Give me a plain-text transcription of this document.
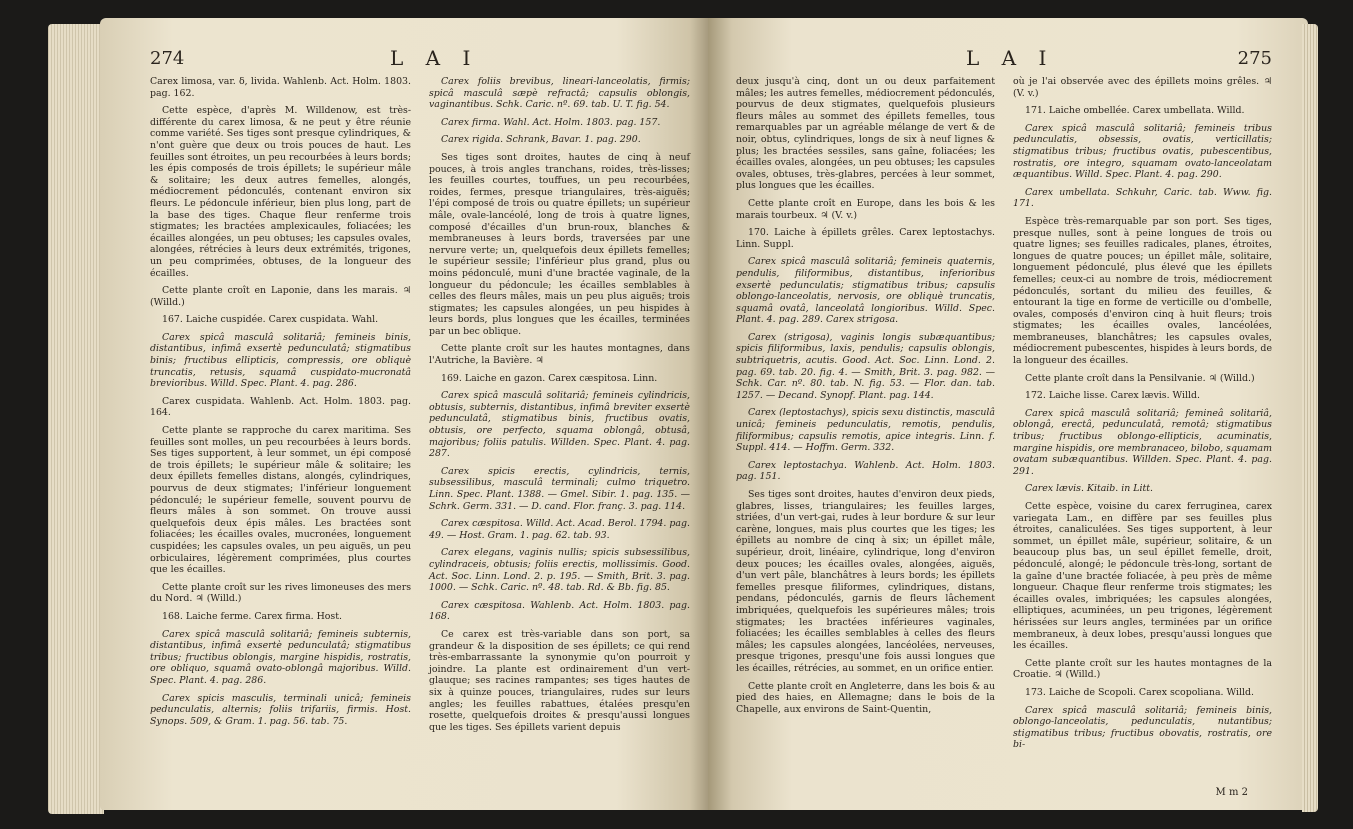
274	L A I

Carex limosa, var. δ, livida. Wahlenb. Act. Holm. 1803. pag. 162.

Cette espèce, d'après M. Willdenow, est très-différente du carex limosa, & ne peut y être réunie comme variété. Ses tiges sont presque cylindriques, & n'ont guère que deux ou trois pouces de haut. Les feuilles sont étroites, un peu recourbées à leurs bords; les épis composés de trois épillets; le supérieur mâle & solitaire; les deux autres femelles, alongés, médiocrement pédonculés, contenant environ six fleurs. Le pédoncule inférieur, bien plus long, part de la base des tiges. Chaque fleur renferme trois stigmates; les bractées amplexicaules, foliacées; les écailles alongées, un peu obtuses; les capsules ovales, alongées, rétrécies à leurs deux extrémités, trigones, un peu comprimées, obtuses, de la longueur des écailles.

Cette plante croît en Laponie, dans les marais. ♃ (Willd.)

167. Laiche cuspidée. Carex cuspidata. Wahl.

Carex spicâ masculâ solitariâ; femineis binis, distantibus, infimâ exsertè pedunculatâ; stigmatibus binis; fructibus ellipticis, compressis, ore obliquè truncatis, retusis, squamâ cuspidato-mucronatâ brevioribus. Willd. Spec. Plant. 4. pag. 286.

Carex cuspidata. Wahlenb. Act. Holm. 1803. pag. 164.

Cette plante se rapproche du carex maritima. Ses feuilles sont molles, un peu recourbées à leurs bords. Ses tiges supportent, à leur sommet, un épi composé de trois épillets; le supérieur mâle & solitaire; les deux épillets femelles distans, alongés, cylindriques, pourvus de deux stigmates; l'inférieur longuement pédonculé; le supérieur femelle, souvent pourvu de fleurs mâles à son sommet. On trouve aussi quelquefois deux épis mâles. Les bractées sont foliacées; les écailles ovales, mucronées, longuement cuspidées; les capsules ovales, un peu aiguës, un peu orbiculaires, légèrement comprimées, plus courtes que les écailles.

Cette plante croît sur les rives limoneuses des mers du Nord. ♃ (Willd.)

168. Laiche ferme. Carex firma. Host.

Carex spicâ masculâ solitariâ; femineis subternis, distantibus, infimâ exsertè pedunculatâ; stigmatibus tribus; fructibus oblongis, margine hispidis, rostratis, ore obliquo, squamâ ovato-oblongâ majoribus. Willd. Spec. Plant. 4. pag. 286.

Carex spicis masculis, terminali unicâ; femineis pedunculatis, alternis; foliis trifariis, firmis. Host. Synops. 509, & Gram. 1. pag. 56. tab. 75.

Carex foliis brevibus, lineari-lanceolatis, firmis; spicâ masculâ sæpè refractâ; capsulis oblongis, vaginantibus. Schk. Caric. nº. 69. tab. U. T. fig. 54.

Carex firma. Wahl. Act. Holm. 1803. pag. 157.

Carex rigida. Schrank, Bavar. 1. pag. 290.

Ses tiges sont droites, hautes de cinq à neuf pouces, à trois angles tranchans, roides, très-lisses; les feuilles courtes, touffues, un peu recourbées, roides, fermes, presque triangulaires, très-aiguës; l'épi composé de trois ou quatre épillets; un supérieur mâle, ovale-lancéolé, long de trois à quatre lignes, composé d'écailles d'un brun-roux, blanches & membraneuses à leurs bords, traversées par une nervure verte; un, quelquefois deux épillets femelles; le supérieur sessile; l'inférieur plus grand, plus ou moins pédonculé, muni d'une bractée vaginale, de la longueur du pédoncule; les écailles semblables à celles des fleurs mâles, mais un peu plus aiguës; trois stigmates; les capsules alongées, un peu hispides à leurs bords, plus longues que les écailles, terminées par un bec oblique.

Cette plante croît sur les hautes montagnes, dans l'Autriche, la Bavière. ♃

169. Laiche en gazon. Carex cæspitosa. Linn.

Carex spicâ masculâ solitariâ; femineis cylindricis, obtusis, subternis, distantibus, infimâ breviter exsertè pedunculatâ, stigmatibus binis, fructibus ovatis, obtusis, ore perfecto, squama oblongâ, obtusâ, majoribus; foliis patulis. Willden. Spec. Plant. 4. pag. 287.

Carex spicis erectis, cylindricis, ternis, subsessilibus, masculâ terminali; culmo triquetro. Linn. Spec. Plant. 1388. — Gmel. Sibir. 1. pag. 135. — Schrk. Germ. 331. — D. cand. Flor. franç. 3. pag. 114.

Carex cæspitosa. Willd. Act. Acad. Berol. 1794. pag. 49. — Host. Gram. 1. pag. 62. tab. 93.

Carex elegans, vaginis nullis; spicis subsessilibus, cylindraceis, obtusis; foliis erectis, mollissimis. Good. Act. Soc. Linn. Lond. 2. p. 195. — Smith, Brit. 3. pag. 1000. — Schk. Caric. nº. 48. tab. Rd. & Bb. fig. 85.

Carex cæspitosa. Wahlenb. Act. Holm. 1803. pag. 168.

Ce carex est très-variable dans son port, sa grandeur & la disposition de ses épillets; ce qui rend très-embarrassante la synonymie qu'on pourroit y joindre. La plante est ordinairement d'un vert-glauque; ses racines rampantes; ses tiges hautes de six à quinze pouces, triangulaires, rudes sur leurs angles; les feuilles rabattues, étalées presqu'en rosette, quelquefois droites & presqu'aussi longues que les tiges. Ses épillets varient depuis

L A I	275

deux jusqu'à cinq, dont un ou deux parfaitement mâles; les autres femelles, médiocrement pédonculés, pourvus de deux stigmates, quelquefois plusieurs fleurs mâles au sommet des épillets femelles, tous remarquables par un agréable mélange de vert & de noir, obtus, cylindriques, longs de six à neuf lignes & plus; les bractées sessiles, sans gaîne, foliacées; les écailles ovales, alongées, un peu obtuses; les capsules ovales, obtuses, très-glabres, percées à leur sommet, plus longues que les écailles.

Cette plante croît en Europe, dans les bois & les marais tourbeux. ♃ (V. v.)

170. Laiche à épillets grêles. Carex leptostachys. Linn. Suppl.

Carex spicâ masculâ solitariâ; femineis quaternis, pendulis, filiformibus, distantibus, inferioribus exsertè pedunculatis; stigmatibus tribus; capsulis oblongo-lanceolatis, nervosis, ore obliquè truncatis, squamâ ovatâ, lanceolatâ longioribus. Willd. Spec. Plant. 4. pag. 289. Carex strigosa.

Carex (strigosa), vaginis longis subæquantibus; spicis filiformibus, laxis, pendulis; capsulis oblongis, subtriquetris, acutis. Good. Act. Soc. Linn. Lond. 2. pag. 69. tab. 20. fig. 4. — Smith, Brit. 3. pag. 982. — Schk. Car. nº. 80. tab. N. fig. 53. — Flor. dan. tab. 1257. — Decand. Synopf. Plant. pag. 144.

Carex (leptostachys), spicis sexu distinctis, masculâ unicâ; femineis pedunculatis, remotis, pendulis, filiformibus; capsulis remotis, apice integris. Linn. f. Suppl. 414. — Hoffm. Germ. 332.

Carex leptostachya. Wahlenb. Act. Holm. 1803. pag. 151.

Ses tiges sont droites, hautes d'environ deux pieds, glabres, lisses, triangulaires; les feuilles larges, striées, d'un vert-gai, rudes à leur bordure & sur leur carène, longues, mais plus courtes que les tiges; les épillets au nombre de cinq à six; un épillet mâle, supérieur, droit, linéaire, cylindrique, long d'environ deux pouces; les écailles ovales, alongées, aiguës, d'un vert pâle, blanchâtres à leurs bords; les épillets femelles presque filiformes, cylindriques, distans, pendans, pédonculés, garnis de fleurs lâchement imbriquées, quelquefois les supérieures mâles; trois stigmates; les bractées inférieures vaginales, foliacées; les écailles semblables à celles des fleurs mâles; les capsules alongées, lancéolées, nerveuses, presque trigones, presqu'une fois aussi longues que les écailles, rétrécies, au sommet, en un orifice entier.

Cette plante croît en Angleterre, dans les bois & au pied des haies, en Allemagne; dans le bois de la Chapelle, aux environs de Saint-Quentin,

où je l'ai observée avec des épillets moins grêles. ♃ (V. v.)

171. Laiche ombellée. Carex umbellata. Willd.

Carex spicâ masculâ solitariâ; femineis tribus pedunculatis, obsessis, ovatis, verticillatis; stigmatibus tribus; fructibus ovatis, pubescentibus, rostratis, ore integro, squamam ovato-lanceolatam æquantibus. Willd. Spec. Plant. 4. pag. 290.

Carex umbellata. Schkuhr, Caric. tab. Www. fig. 171.

Espèce très-remarquable par son port. Ses tiges, presque nulles, sont à peine longues de trois ou quatre lignes; ses feuilles radicales, planes, étroites, longues de quatre pouces; un épillet mâle, solitaire, longuement pédonculé, plus élevé que les épillets femelles; ceux-ci au nombre de trois, médiocrement pédonculés, sortant du milieu des feuilles, & entourant la tige en forme de verticille ou d'ombelle, ovales, composés d'environ cinq à huit fleurs; trois stigmates; les écailles ovales, lancéolées, membraneuses, blanchâtres; les capsules ovales, médiocrement pubescentes, hispides à leurs bords, de la longueur des écailles.

Cette plante croît dans la Pensilvanie. ♃ (Willd.)

172. Laiche lisse. Carex lævis. Willd.

Carex spicâ masculâ solitariâ; femineâ solitariâ, oblongâ, erectâ, pedunculatâ, remotâ; stigmatibus tribus; fructibus oblongo-ellipticis, acuminatis, margine hispidis, ore membranaceo, bilobo, squamam ovatam subæquantibus. Willden. Spec. Plant. 4. pag. 291.

Carex lævis. Kitaib. in Litt.

Cette espèce, voisine du carex ferruginea, carex variegata Lam., en diffère par ses feuilles plus étroites, canaliculées. Ses tiges supportent, à leur sommet, un épillet mâle, supérieur, solitaire, & un beaucoup plus bas, un seul épillet femelle, droit, pédonculé, alongé; le pédoncule très-long, sortant de la gaîne d'une bractée foliacée, à peu près de même longueur. Chaque fleur renferme trois stigmates; les écailles ovales, imbriquées; les capsules alongées, elliptiques, acuminées, un peu trigones, légèrement hérissées sur leurs angles, terminées par un orifice membraneux, à deux lobes, presqu'aussi longues que les écailles.

Cette plante croît sur les hautes montagnes de la Croatie. ♃ (Willd.)

173. Laiche de Scopoli. Carex scopoliana. Willd.

Carex spicâ masculâ solitariâ; femineis binis, oblongo-lanceolatis, pedunculatis, nutantibus; stigmatibus tribus; fructibus obovatis, rostratis, ore bi-

M m 2
